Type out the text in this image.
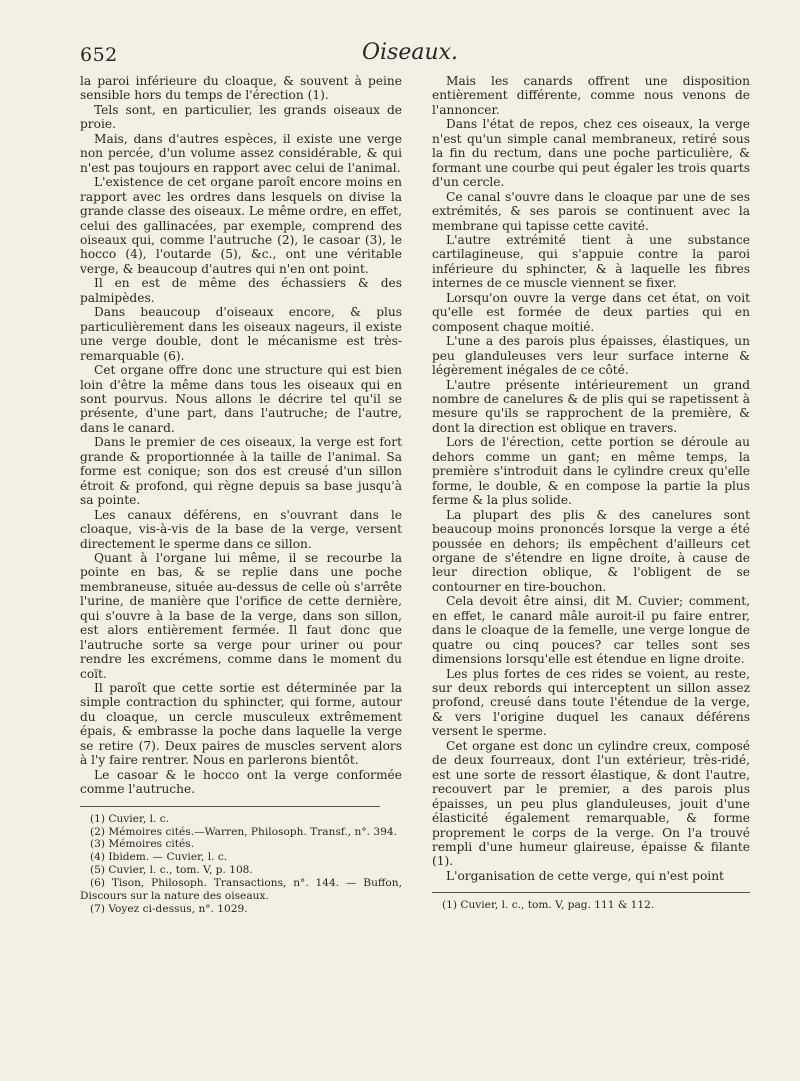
652	Oiseaux.

la paroi inférieure du cloaque, & souvent à peine sensible hors du temps de l'érection (1).

Tels sont, en particulier, les grands oiseaux de proie.

Mais, dans d'autres espèces, il existe une verge non percée, d'un volume assez considérable, & qui n'est pas toujours en rapport avec celui de l'animal.

L'existence de cet organe paroît encore moins en rapport avec les ordres dans lesquels on divise la grande classe des oiseaux. Le même ordre, en effet, celui des gallinacées, par exemple, comprend des oiseaux qui, comme l'autruche (2), le casoar (3), le hocco (4), l'outarde (5), &c., ont une véritable verge, & beaucoup d'autres qui n'en ont point.

Il en est de même des échassiers & des palmipèdes.

Dans beaucoup d'oiseaux encore, & plus particulièrement dans les oiseaux nageurs, il existe une verge double, dont le mécanisme est très-remarquable (6).

Cet organe offre donc une structure qui est bien loin d'être la même dans tous les oiseaux qui en sont pourvus. Nous allons le décrire tel qu'il se présente, d'une part, dans l'autruche; de l'autre, dans le canard.

Dans le premier de ces oiseaux, la verge est fort grande & proportionnée à la taille de l'animal. Sa forme est conique; son dos est creusé d'un sillon étroit & profond, qui règne depuis sa base jusqu'à sa pointe.

Les canaux déférens, en s'ouvrant dans le cloaque, vis-à-vis de la base de la verge, versent directement le sperme dans ce sillon.

Quant à l'organe lui même, il se recourbe la pointe en bas, & se replie dans une poche membraneuse, située au-dessus de celle où s'arrête l'urine, de manière que l'orifice de cette dernière, qui s'ouvre à la base de la verge, dans son sillon, est alors entièrement fermée. Il faut donc que l'autruche sorte sa verge pour uriner ou pour rendre les excrémens, comme dans le moment du coït.

Il paroît que cette sortie est déterminée par la simple contraction du sphincter, qui forme, autour du cloaque, un cercle musculeux extrêmement épais, & embrasse la poche dans laquelle la verge se retire (7). Deux paires de muscles servent alors à l'y faire rentrer. Nous en parlerons bientôt.

Le casoar & le hocco ont la verge conformée comme l'autruche.

(1) Cuvier, l. c.
(2) Mémoires cités.—Warren, Philosoph. Transf., n°. 394.
(3) Mémoires cités.
(4) Ibidem. — Cuvier, l. c.
(5) Cuvier, l. c., tom. V, p. 108.
(6) Tison, Philosoph. Transactions, n°. 144. — Buffon, Discours sur la nature des oiseaux.
(7) Voyez ci-dessus, n°. 1029.

Mais les canards offrent une disposition entièrement différente, comme nous venons de l'annoncer.

Dans l'état de repos, chez ces oiseaux, la verge n'est qu'un simple canal membraneux, retiré sous la fin du rectum, dans une poche particulière, & formant une courbe qui peut égaler les trois quarts d'un cercle.

Ce canal s'ouvre dans le cloaque par une de ses extrémités, & ses parois se continuent avec la membrane qui tapisse cette cavité.

L'autre extrémité tient à une substance cartilagineuse, qui s'appuie contre la paroi inférieure du sphincter, & à laquelle les fibres internes de ce muscle viennent se fixer.

Lorsqu'on ouvre la verge dans cet état, on voit qu'elle est formée de deux parties qui en composent chaque moitié.

L'une a des parois plus épaisses, élastiques, un peu glanduleuses vers leur surface interne & légèrement inégales de ce côté.

L'autre présente intérieurement un grand nombre de canelures & de plis qui se rapetissent à mesure qu'ils se rapprochent de la première, & dont la direction est oblique en travers.

Lors de l'érection, cette portion se déroule au dehors comme un gant; en même temps, la première s'introduit dans le cylindre creux qu'elle forme, le double, & en compose la partie la plus ferme & la plus solide.

La plupart des plis & des canelures sont beaucoup moins prononcés lorsque la verge a été poussée en dehors; ils empêchent d'ailleurs cet organe de s'étendre en ligne droite, à cause de leur direction oblique, & l'obligent de se contourner en tire-bouchon.

Cela devoit être ainsi, dit M. Cuvier; comment, en effet, le canard mâle auroit-il pu faire entrer, dans le cloaque de la femelle, une verge longue de quatre ou cinq pouces? car telles sont ses dimensions lorsqu'elle est étendue en ligne droite.

Les plus fortes de ces rides se voient, au reste, sur deux rebords qui interceptent un sillon assez profond, creusé dans toute l'étendue de la verge, & vers l'origine duquel les canaux déférens versent le sperme.

Cet organe est donc un cylindre creux, composé de deux fourreaux, dont l'un extérieur, très-ridé, est une sorte de ressort élastique, & dont l'autre, recouvert par le premier, a des parois plus épaisses, un peu plus glanduleuses, jouit d'une élasticité également remarquable, & forme proprement le corps de la verge. On l'a trouvé rempli d'une humeur glaireuse, épaisse & filante (1).

L'organisation de cette verge, qui n'est point

(1) Cuvier, l. c., tom. V, pag. 111 & 112.
